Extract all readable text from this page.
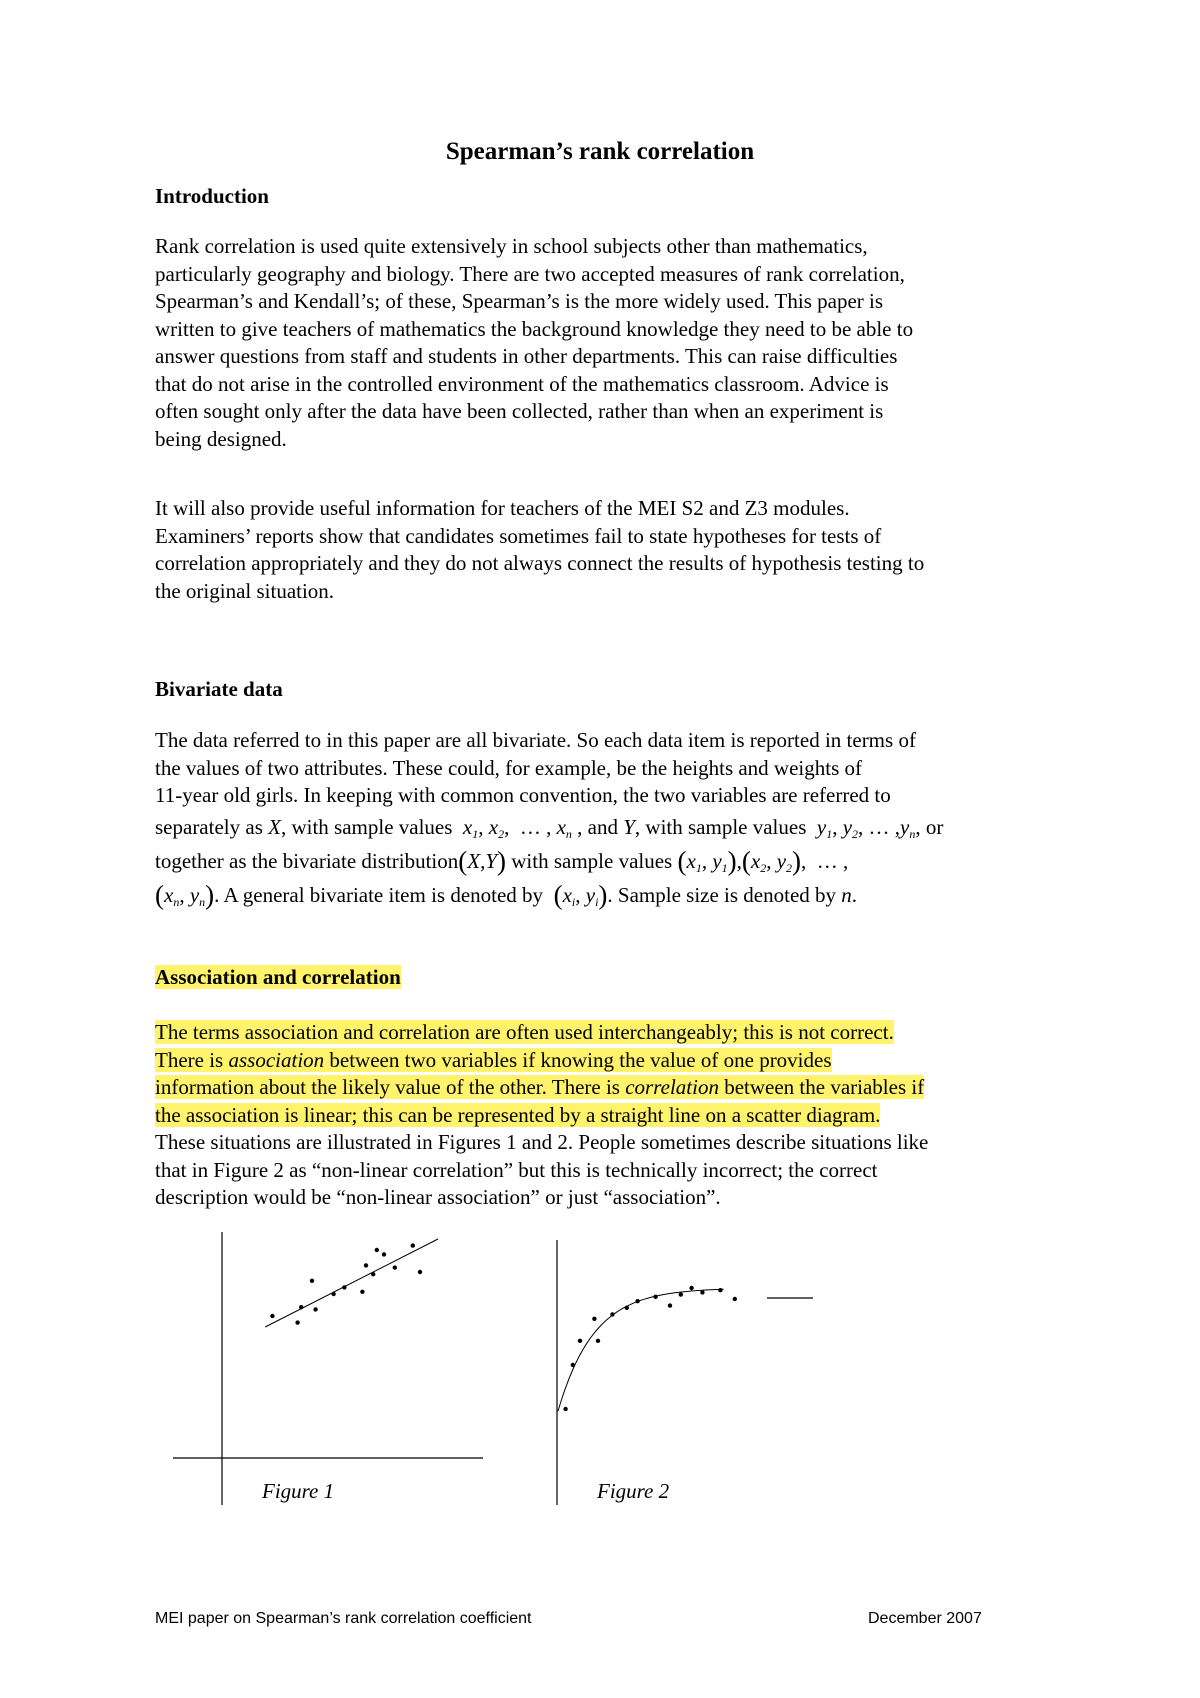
Spearman’s rank correlation
Introduction
Rank correlation is used quite extensively in school subjects other than mathematics,
particularly geography and biology. There are two accepted measures of rank correlation,
Spearman’s and Kendall’s; of these, Spearman’s is the more widely used. This paper is
written to give teachers of mathematics the background knowledge they need to be able to
answer questions from staff and students in other departments. This can raise difficulties
that do not arise in the controlled environment of the mathematics classroom. Advice is
often sought only after the data have been collected, rather than when an experiment is
being designed.
It will also provide useful information for teachers of the MEI S2 and Z3 modules.
Examiners’ reports show that candidates sometimes fail to state hypotheses for tests of
correlation appropriately and they do not always connect the results of hypothesis testing to
the original situation.
Bivariate data
The data referred to in this paper are all bivariate. So each data item is reported in terms of
the values of two attributes. These could, for example, be the heights and weights of
11-year old girls. In keeping with common convention, the two variables are referred to
separately as X, with sample values  $x_1$, $x_2$,  … , $x_n$ , and Y, with sample values  $y_1$, $y_2$, … $,y_n$, or
together as the bivariate distribution(X,Y) with sample values ($x_1$, $y_1),(x_2$, $y_2$),  … ,
($x_n$, $y_n$). A general bivariate item is denoted by  ($x_i$, $y_i$). Sample size is denoted by n.
Association and correlation
The terms association and correlation are often used interchangeably; this is not correct.
There is association between two variables if knowing the value of one provides
information about the likely value of the other. There is correlation between the variables if
the association is linear; this can be represented by a straight line on a scatter diagram.
These situations are illustrated in Figures 1 and 2. People sometimes describe situations like
that in Figure 2 as “non-linear correlation” but this is technically incorrect; the correct
description would be “non-linear association” or just “association”.
Figure 1	Figure 2
MEI paper on Spearman’s rank correlation coefficient	December 2007
